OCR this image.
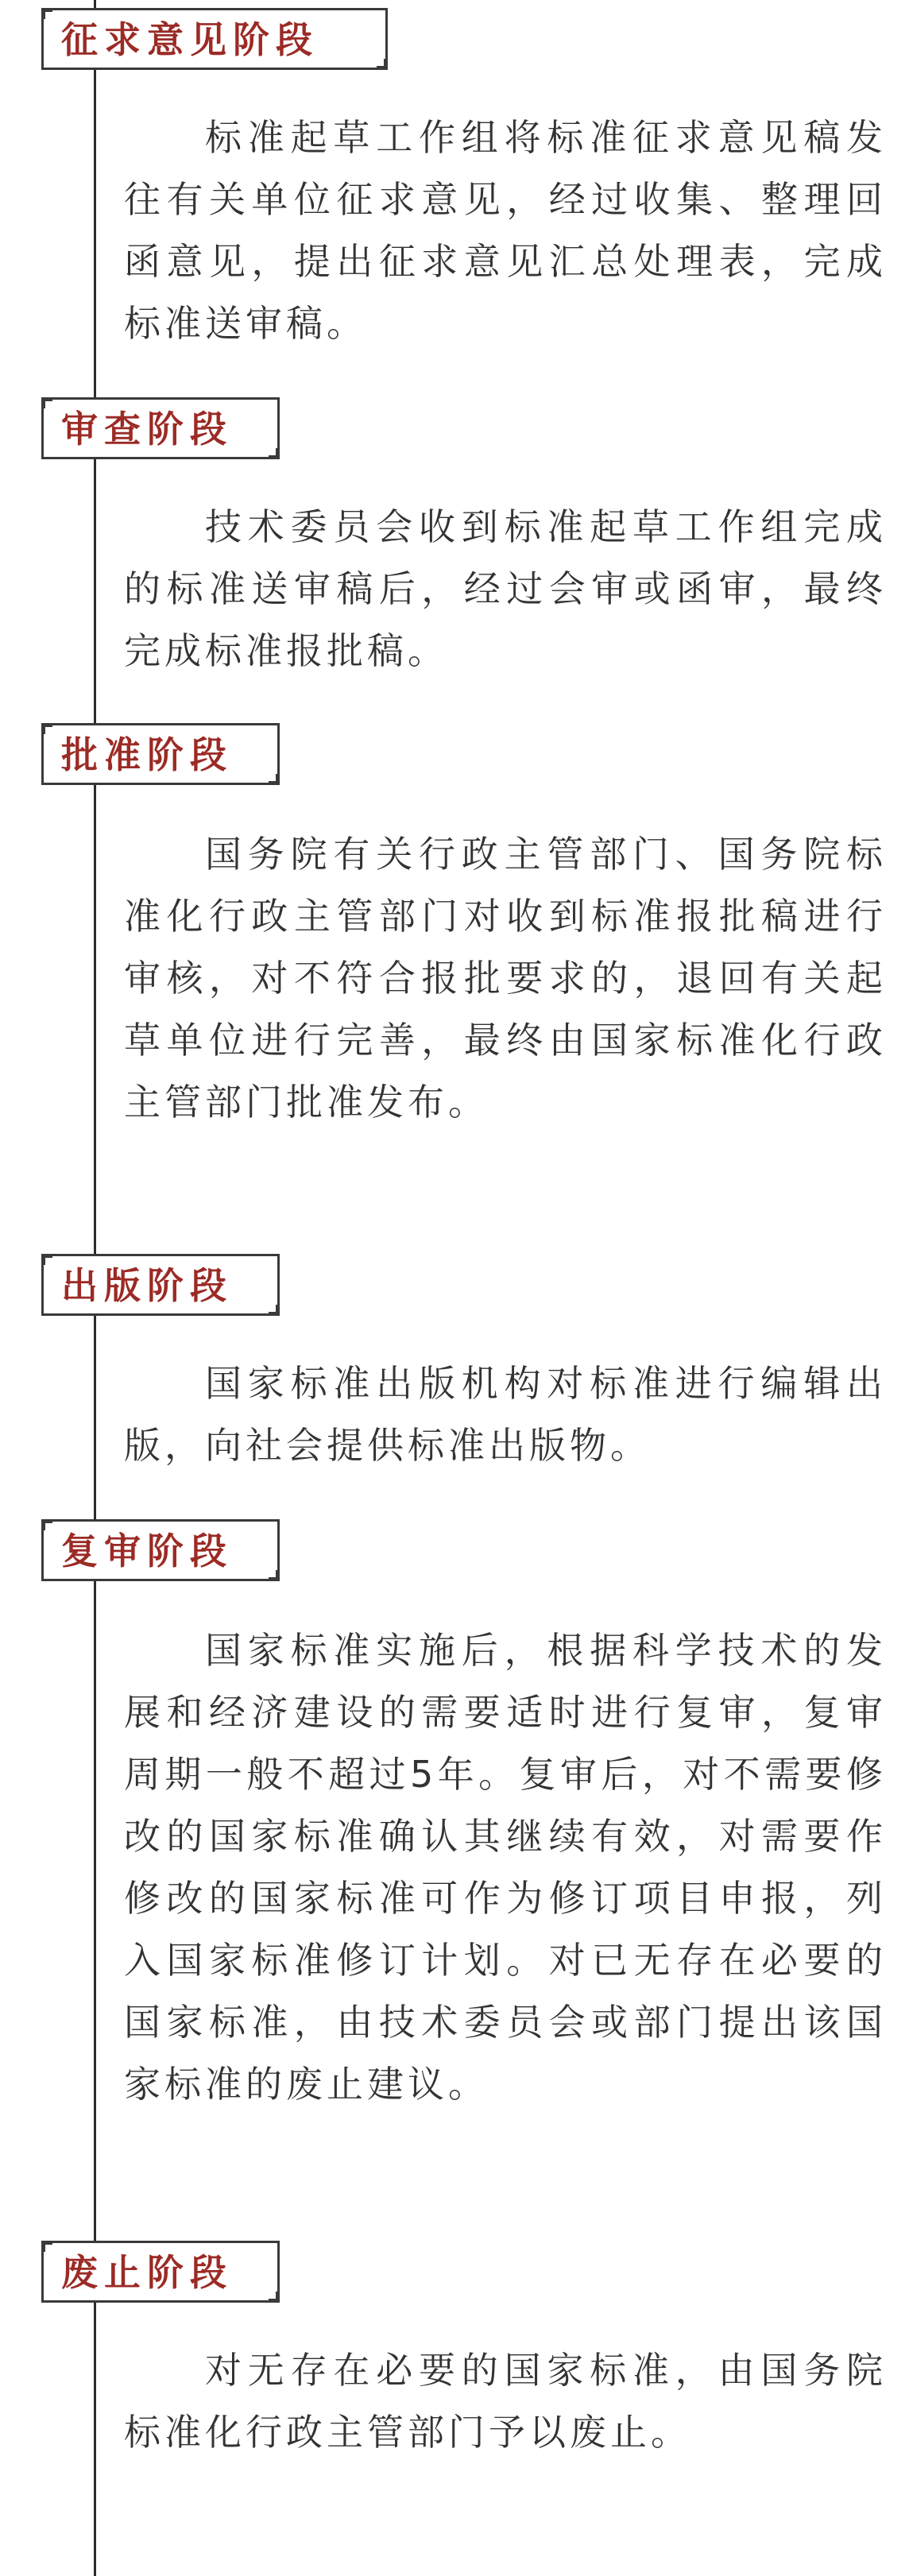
征求意见阶段

标准起草工作组将标准征求意见稿发往有关单位征求意见，经过收集、整理回函意见，提出征求意见汇总处理表，完成标准送审稿。

审查阶段

技术委员会收到标准起草工作组完成的标准送审稿后，经过会审或函审，最终完成标准报批稿。

批准阶段

国务院有关行政主管部门、国务院标准化行政主管部门对收到标准报批稿进行审核，对不符合报批要求的，退回有关起草单位进行完善，最终由国家标准化行政主管部门批准发布。

出版阶段

国家标准出版机构对标准进行编辑出版，向社会提供标准出版物。

复审阶段

国家标准实施后，根据科学技术的发展和经济建设的需要适时进行复审，复审周期一般不超过5年。复审后，对不需要修改的国家标准确认其继续有效，对需要作修改的国家标准可作为修订项目申报，列入国家标准修订计划。对已无存在必要的国家标准，由技术委员会或部门提出该国家标准的废止建议。

废止阶段

对无存在必要的国家标准，由国务院标准化行政主管部门予以废止。
